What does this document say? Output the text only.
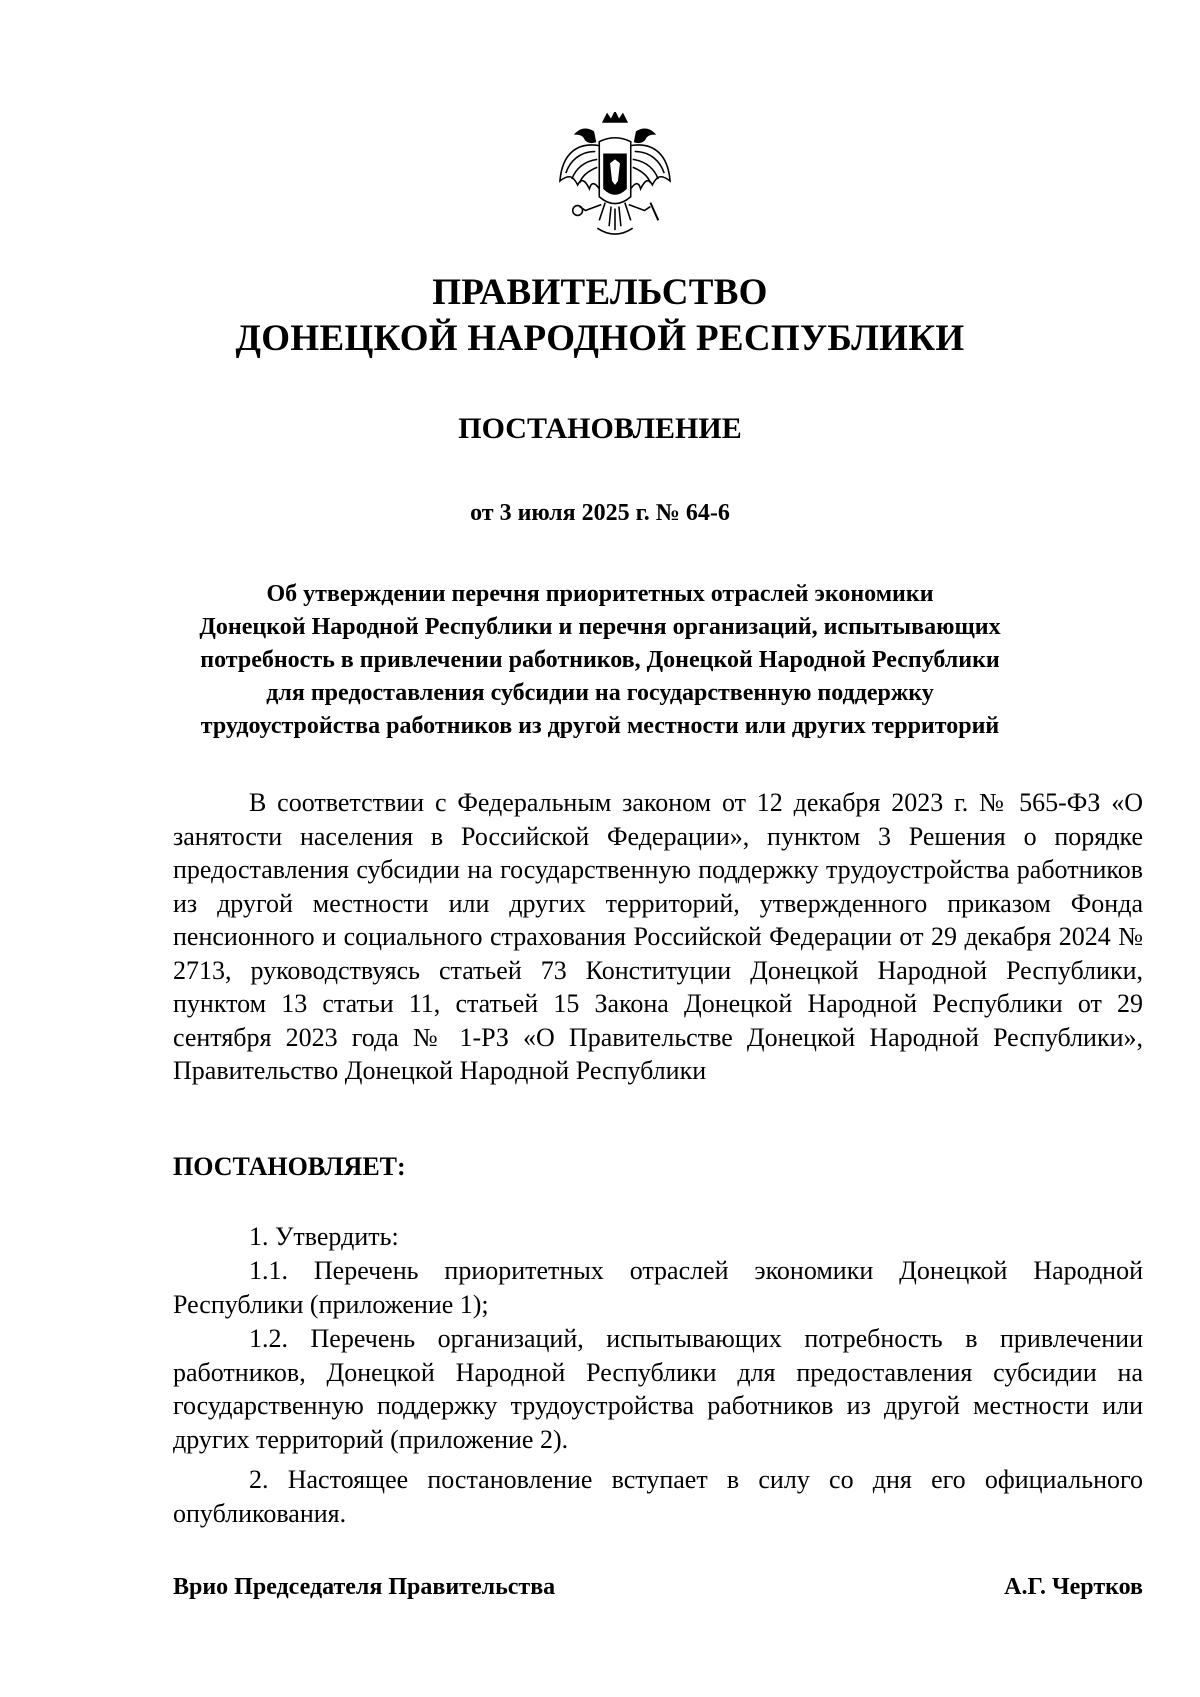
ПРАВИТЕЛЬСТВО
ДОНЕЦКОЙ НАРОДНОЙ РЕСПУБЛИКИ
ПОСТАНОВЛЕНИЕ
от 3 июля 2025 г. № 64-6
Об утверждении перечня приоритетных отраслей экономики
Донецкой Народной Республики и перечня организаций, испытывающих
потребность в привлечении работников, Донецкой Народной Республики
для предоставления субсидии на государственную поддержку
трудоустройства работников из другой местности или других территорий
В соответствии с Федеральным законом от 12 декабря 2023 г. № 565-ФЗ «О занятости населения в Российской Федерации», пунктом 3 Решения о порядке предоставления субсидии на государственную поддержку трудоустройства работников из другой местности или других территорий, утвержденного приказом Фонда пенсионного и социального страхования Российской Федерации от 29 декабря 2024 № 2713, руководствуясь статьей 73 Конституции Донецкой Народной Республики, пунктом 13 статьи 11, статьей 15 Закона Донецкой Народной Республики от 29 сентября 2023 года № 1-РЗ «О Правительстве Донецкой Народной Республики», Правительство Донецкой Народной Республики
ПОСТАНОВЛЯЕТ:
1. Утвердить:
1.1. Перечень приоритетных отраслей экономики Донецкой Народной Республики (приложение 1);
1.2. Перечень организаций, испытывающих потребность в привлечении работников, Донецкой Народной Республики для предоставления субсидии на государственную поддержку трудоустройства работников из другой местности или других территорий (приложение 2).
2. Настоящее постановление вступает в силу со дня его официального опубликования.
Врио Председателя Правительства	А.Г. Чертков
